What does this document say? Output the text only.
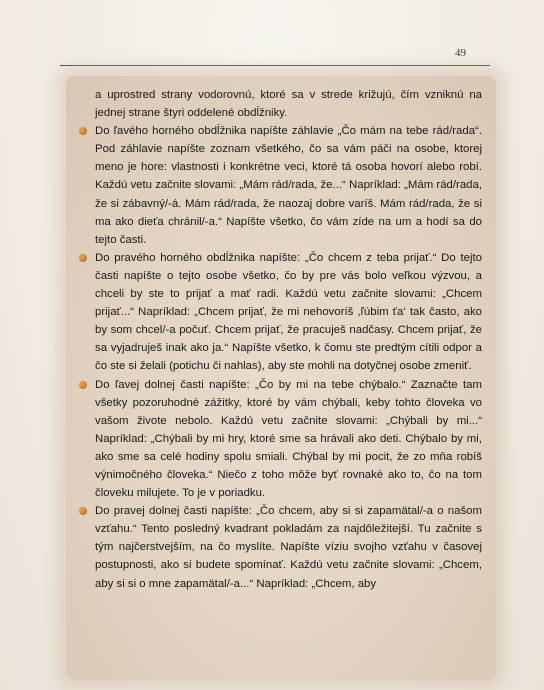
49

a uprostred strany vodorovnú, ktoré sa v strede križujú, čím vzniknú na jednej strane štyri oddelené obdĺžniky.

Do ľavého horného obdĺžnika napíšte záhlavie „Čo mám na tebe rád/rada“. Pod záhlavie napíšte zoznam všetkého, čo sa vám páči na osobe, ktorej meno je hore: vlastnosti i konkrétne veci, ktoré tá osoba hovorí alebo robí. Každú vetu začnite slovami: „Mám rád/rada, že...“ Napríklad: „Mám rád/rada, že si zábavný/-á. Mám rád/rada, že naozaj dobre varíš. Mám rád/rada, že si ma ako dieťa chránil/-a.“ Napíšte všetko, čo vám zíde na um a hodí sa do tejto časti.

Do pravého horného obdĺžnika napíšte: „Čo chcem z teba prijať.“ Do tejto časti napíšte o tejto osobe všetko, čo by pre vás bolo veľkou výzvou, a chceli by ste to prijať a mať radi. Každú vetu začnite slovami: „Chcem prijať...“ Napríklad: „Chcem prijať, že mi nehovoríš ,ľúbim ťa‘ tak často, ako by som chcel/-a počuť. Chcem prijať, že pracuješ nadčasy. Chcem prijať, že sa vyjadruješ inak ako ja.“ Napíšte všetko, k čomu ste predtým cítili odpor a čo ste si želali (potichu či nahlas), aby ste mohli na dotyčnej osobe zmeniť.

Do ľavej dolnej časti napíšte: „Čo by mi na tebe chýbalo.“ Zaznačte tam všetky pozoruhodné zážitky, ktoré by vám chýbali, keby tohto človeka vo vašom živote nebolo. Každú vetu začnite slovami: „Chýbali by mi...“ Napríklad: „Chýbali by mi hry, ktoré sme sa hrávali ako deti. Chýbalo by mi, ako sme sa celé hodiny spolu smiali. Chýbal by mi pocit, že zo mňa robíš výnimočného človeka.“ Niečo z toho môže byť rovnaké ako to, čo na tom človeku milujete. To je v poriadku.

Do pravej dolnej časti napíšte: „Čo chcem, aby si si zapamätal/-a o našom vzťahu.“ Tento posledný kvadrant pokladám za najdôležitejší. Tu začnite s tým najčerstvejším, na čo myslíte. Napíšte víziu svojho vzťahu v časovej postupnosti, ako si budete spomínať. Každú vetu začnite slovami: „Chcem, aby si si o mne zapamätal/-a...“ Napríklad: „Chcem, aby
